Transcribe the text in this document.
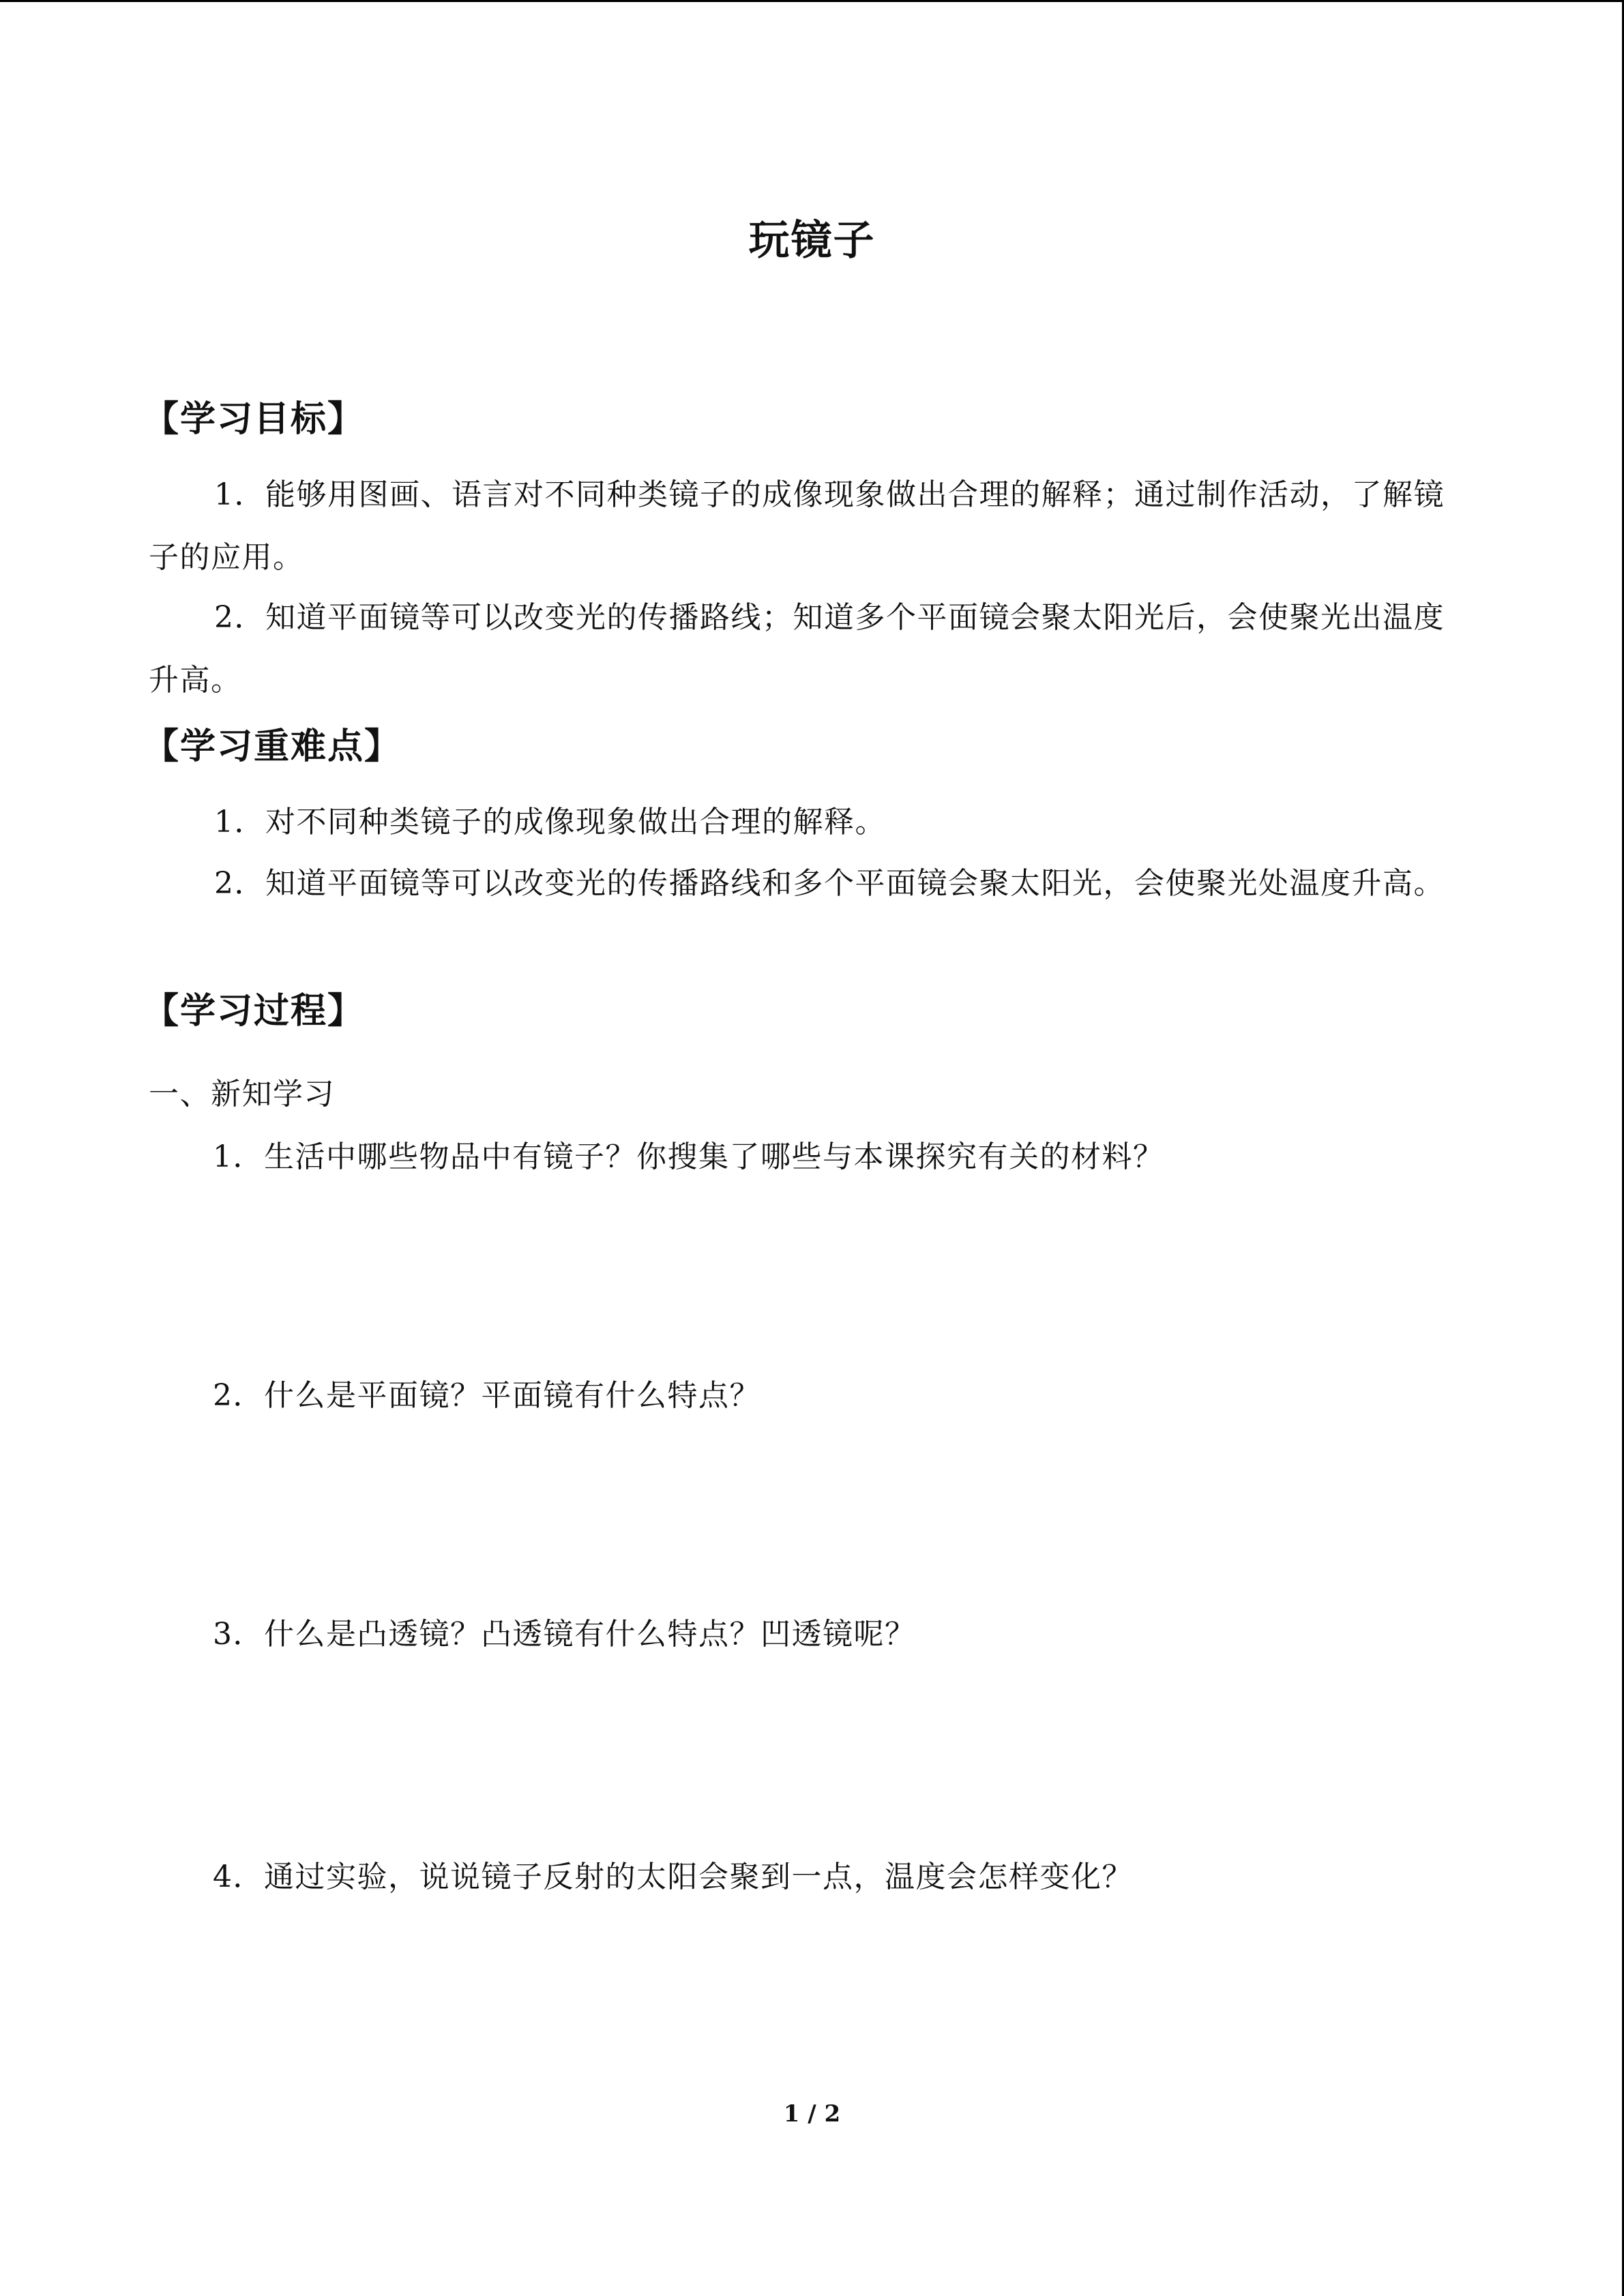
玩镜子
【学习目标】
1．能够用图画、语言对不同种类镜子的成像现象做出合理的解释；通过制作活动，了解镜子的应用。
2．知道平面镜等可以改变光的传播路线；知道多个平面镜会聚太阳光后，会使聚光出温度升高。
【学习重难点】
1．对不同种类镜子的成像现象做出合理的解释。
2．知道平面镜等可以改变光的传播路线和多个平面镜会聚太阳光，会使聚光处温度升高。
【学习过程】
一、新知学习
1．生活中哪些物品中有镜子？你搜集了哪些与本课探究有关的材料？
2．什么是平面镜？平面镜有什么特点？
3．什么是凸透镜？凸透镜有什么特点？凹透镜呢？
4．通过实验，说说镜子反射的太阳会聚到一点，温度会怎样变化？
1 / 2
